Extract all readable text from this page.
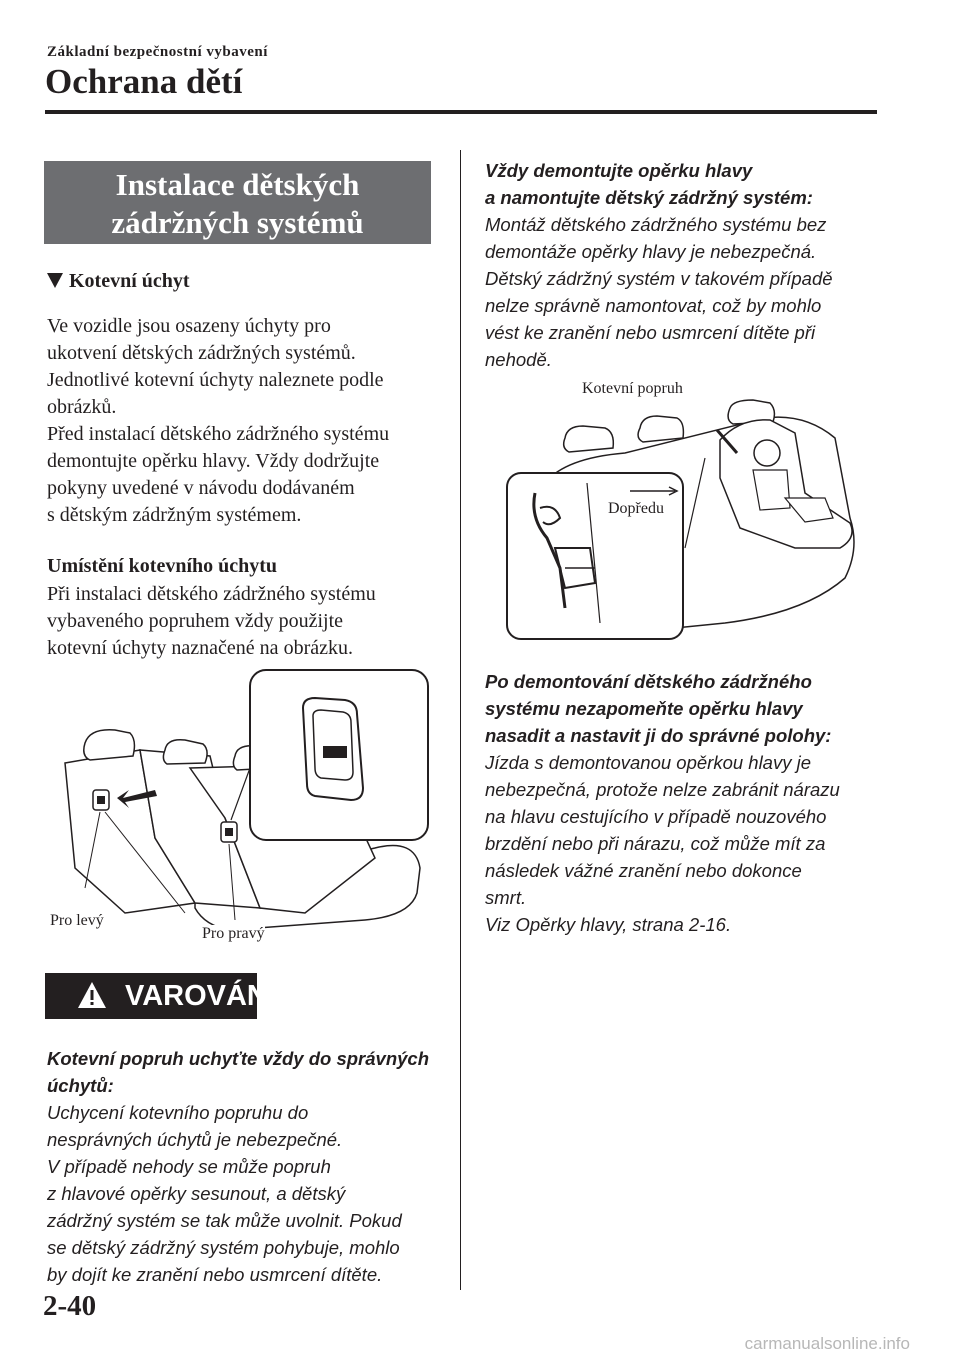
Základní bezpečnostní vybavení
Ochrana dětí
Instalace dětských
zádržných systémů
Kotevní úchyt

Ve vozidle jsou osazeny úchyty pro

ukotvení dětských zádržných systémů.

Jednotlivé kotevní úchyty naleznete podle

obrázků.

Před instalací dětského zádržného systému

demontujte opěrku hlavy. Vždy dodržujte

pokyny uvedené v návodu dodávaném

s dětským zádržným systémem.

Umístění kotevního úchytu

Při instalaci dětského zádržného systému

vybaveného popruhem vždy použijte

kotevní úchyty naznačené na obrázku.

Pro levý
Pro pravý
VAROVÁNÍ

Kotevní popruh uchyťte vždy do správných

úchytů:

Uchycení kotevního popruhu do

nesprávných úchytů je nebezpečné.

V případě nehody se může popruh

z hlavové opěrky sesunout, a dětský

zádržný systém se tak může uvolnit. Pokud

se dětský zádržný systém pohybuje, mohlo

by dojít ke zranění nebo usmrcení dítěte.

Vždy demontujte opěrku hlavy

a namontujte dětský zádržný systém:

Montáž dětského zádržného systému bez

demontáže opěrky hlavy je nebezpečná.

Dětský zádržný systém v takovém případě

nelze správně namontovat, což by mohlo

vést ke zranění nebo usmrcení dítěte při

nehodě.

Kotevní popruh
Dopředu

Po demontování dětského zádržného

systému nezapomeňte opěrku hlavy

nasadit a nastavit ji do správné polohy:

Jízda s demontovanou opěrkou hlavy je

nebezpečná, protože nelze zabránit nárazu

na hlavu cestujícího v případě nouzového

brzdění nebo při nárazu, což může mít za

následek vážné zranění nebo dokonce

smrt.

Viz Opěrky hlavy, strana 2-16.

2-40
carmanualsonline.info
